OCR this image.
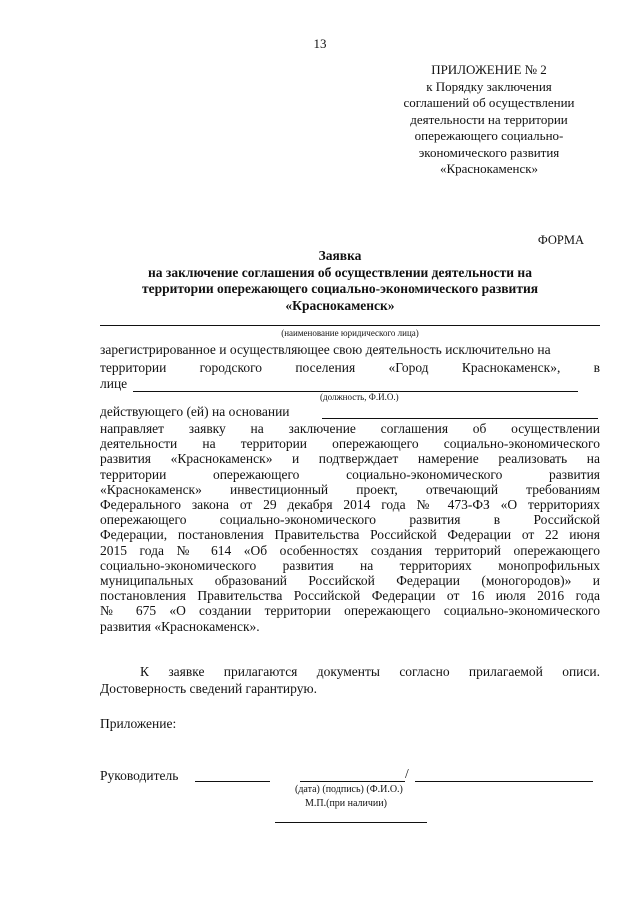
13
ПРИЛОЖЕНИЕ № 2
к Порядку заключения
соглашений об осуществлении
деятельности на территории
опережающего социально-
экономического развития
«Краснокаменск»
ФОРМА
Заявка
на заключение соглашения об осуществлении деятельности на
территории опережающего социально-экономического развития
«Краснокаменск»
(наименование юридического лица)
зарегистрированное и осуществляющее свою деятельность исключительно на
территории городского поселения «Город Краснокаменск», в
лице
(должность, Ф.И.О.)
действующего (ей) на основании
направляет заявку на заключение соглашения об осуществлении
деятельности на территории опережающего социально-экономического
развития «Краснокаменск» и подтверждает намерение реализовать на
территории опережающего социально-экономического развития
«Краснокаменск» инвестиционный проект, отвечающий требованиям
Федерального закона от 29 декабря 2014 года № 473-ФЗ «О территориях
опережающего социально-экономического развития в Российской
Федерации, постановления Правительства Российской Федерации от 22 июня
2015 года № 614 «Об особенностях создания территорий опережающего
социально-экономического развития на территориях монопрофильных
муниципальных образований Российской Федерации (моногородов)» и
постановления Правительства Российской Федерации от 16 июля 2016 года
№ 675 «О создании территории опережающего социально-экономического
развития «Краснокаменск».
К заявке прилагаются документы согласно прилагаемой описи.
Достоверность сведений гарантирую.
Приложение:
Руководитель	/
(дата) (подпись) (Ф.И.О.)
М.П.(при наличии)
